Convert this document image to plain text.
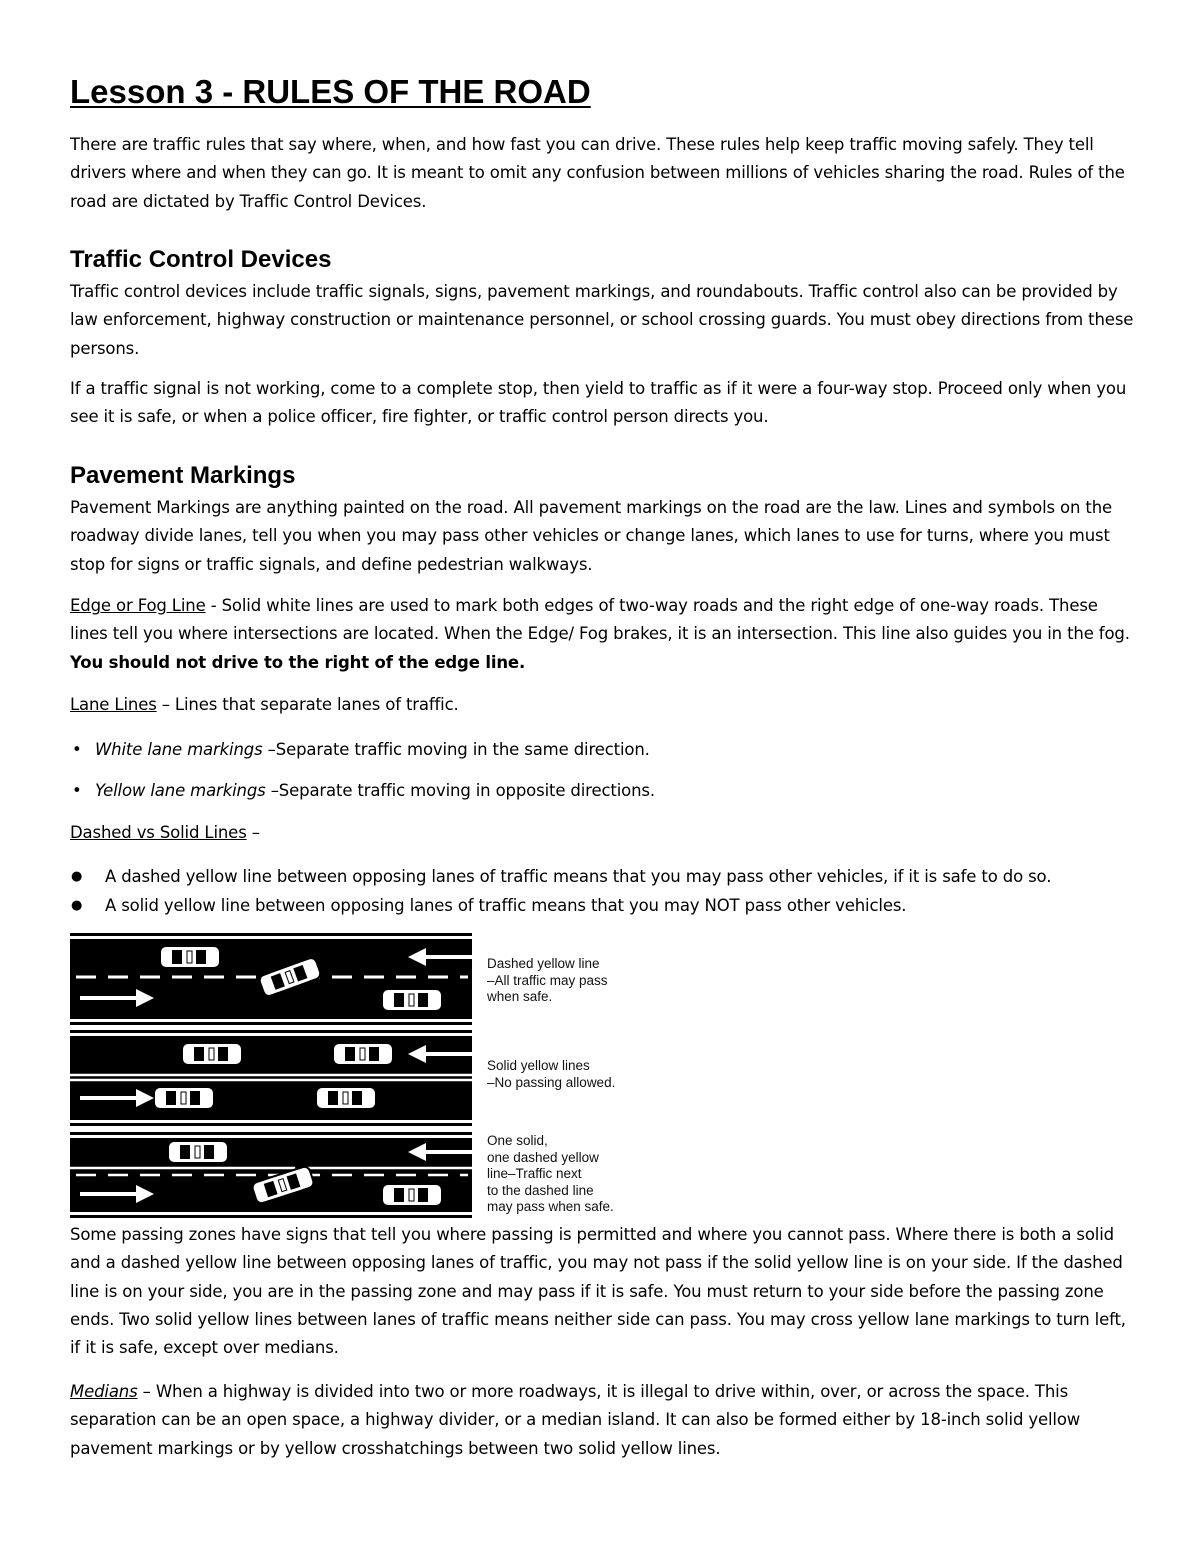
Lesson 3 - RULES OF THE ROAD

There are traffic rules that say where, when, and how fast you can drive. These rules help keep traffic moving safely. They tell drivers where and when they can go. It is meant to omit any confusion between millions of vehicles sharing the road. Rules of the road are dictated by Traffic Control Devices.

Traffic Control Devices

Traffic control devices include traffic signals, signs, pavement markings, and roundabouts. Traffic control also can be provided by law enforcement, highway construction or maintenance personnel, or school crossing guards. You must obey directions from these persons.

If a traffic signal is not working, come to a complete stop, then yield to traffic as if it were a four-way stop. Proceed only when you see it is safe, or when a police officer, fire fighter, or traffic control person directs you.

Pavement Markings

Pavement Markings are anything painted on the road. All pavement markings on the road are the law. Lines and symbols on the roadway divide lanes, tell you when you may pass other vehicles or change lanes, which lanes to use for turns, where you must stop for signs or traffic signals, and define pedestrian walkways.

Edge or Fog Line - Solid white lines are used to mark both edges of two-way roads and the right edge of one-way roads. These lines tell you where intersections are located. When the Edge/ Fog brakes, it is an intersection. This line also guides you in the fog. You should not drive to the right of the edge line.

Lane Lines – Lines that separate lanes of traffic.

• White lane markings –Separate traffic moving in the same direction.
• Yellow lane markings –Separate traffic moving in opposite directions.

Dashed vs Solid Lines –

● A dashed yellow line between opposing lanes of traffic means that you may pass other vehicles, if it is safe to do so.
● A solid yellow line between opposing lanes of traffic means that you may NOT pass other vehicles.
Dashed yellow line
–All traffic may pass
when safe.
Solid yellow lines
–No passing allowed.
One solid,
one dashed yellow
line–Traffic next
to the dashed line
may pass when safe.

Some passing zones have signs that tell you where passing is permitted and where you cannot pass. Where there is both a solid and a dashed yellow line between opposing lanes of traffic, you may not pass if the solid yellow line is on your side. If the dashed line is on your side, you are in the passing zone and may pass if it is safe. You must return to your side before the passing zone ends. Two solid yellow lines between lanes of traffic means neither side can pass. You may cross yellow lane markings to turn left, if it is safe, except over medians.

Medians – When a highway is divided into two or more roadways, it is illegal to drive within, over, or across the space. This separation can be an open space, a highway divider, or a median island. It can also be formed either by 18-inch solid yellow pavement markings or by yellow crosshatchings between two solid yellow lines.
